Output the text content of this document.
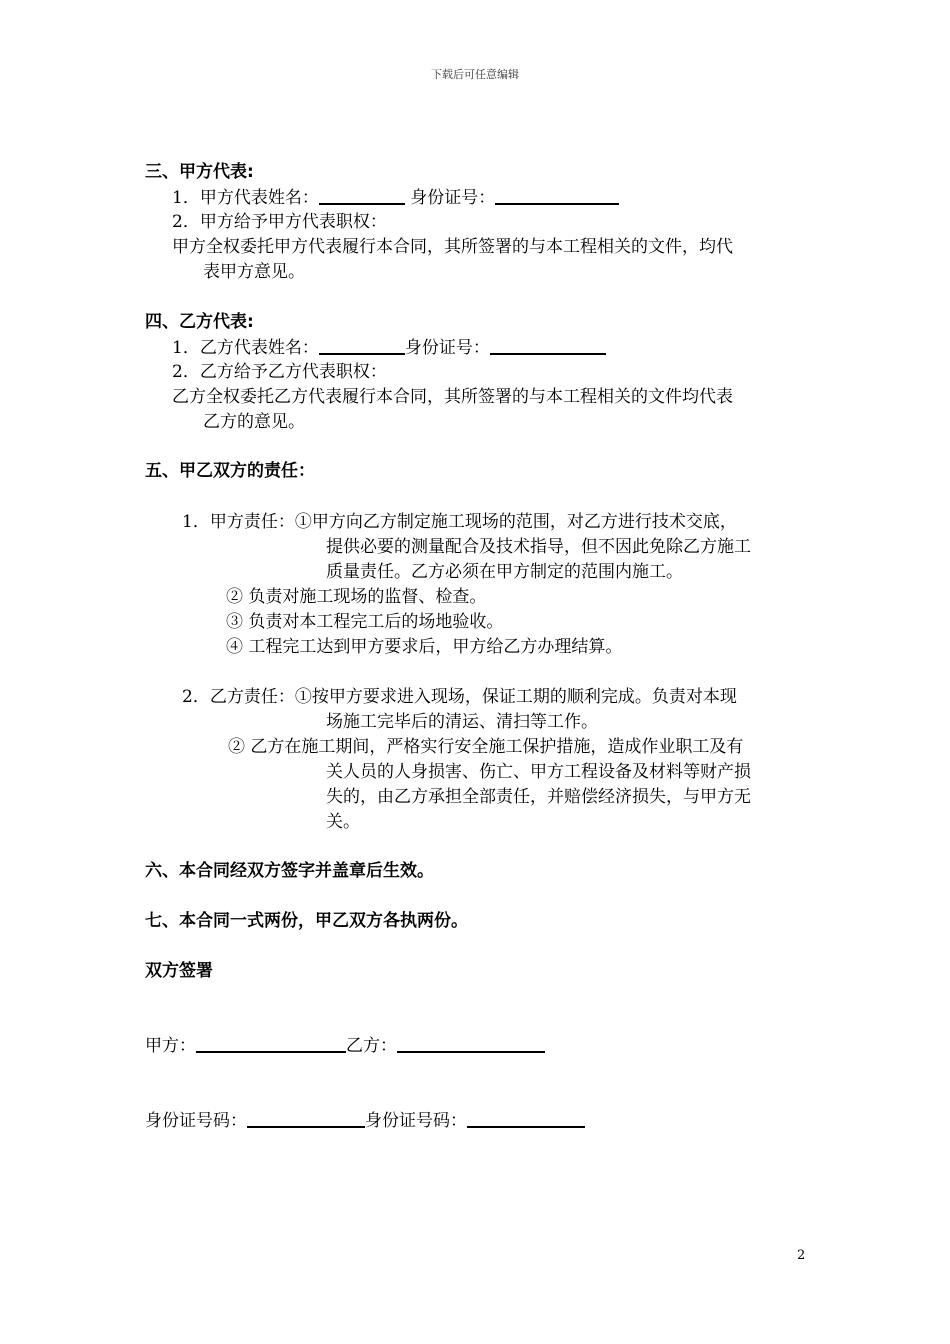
下载后可任意编辑
三、甲方代表:
1．甲方代表姓名：	身份证号：
2．甲方给予甲方代表职权：
甲方全权委托甲方代表履行本合同，其所签署的与本工程相关的文件，均代
表甲方意见。
四、乙方代表:
1．乙方代表姓名：	身份证号：
2．乙方给予乙方代表职权：
乙方全权委托乙方代表履行本合同，其所签署的与本工程相关的文件均代表
乙方的意见。
五、甲乙双方的责任：
1．甲方责任：①甲方向乙方制定施工现场的范围，对乙方进行技术交底，
提供必要的测量配合及技术指导，但不因此免除乙方施工
质量责任。乙方必须在甲方制定的范围内施工。
② 负责对施工现场的监督、检查。
③ 负责对本工程完工后的场地验收。
④ 工程完工达到甲方要求后，甲方给乙方办理结算。
2．乙方责任：①按甲方要求进入现场，保证工期的顺利完成。负责对本现
场施工完毕后的清运、清扫等工作。
② 乙方在施工期间，严格实行安全施工保护措施，造成作业职工及有
关人员的人身损害、伤亡、甲方工程设备及材料等财产损
失的，由乙方承担全部责任，并赔偿经济损失，与甲方无
关。
六、本合同经双方签字并盖章后生效。
七、本合同一式两份，甲乙双方各执两份。
双方签署
甲方：	乙方：
身份证号码：	身份证号码：
2
